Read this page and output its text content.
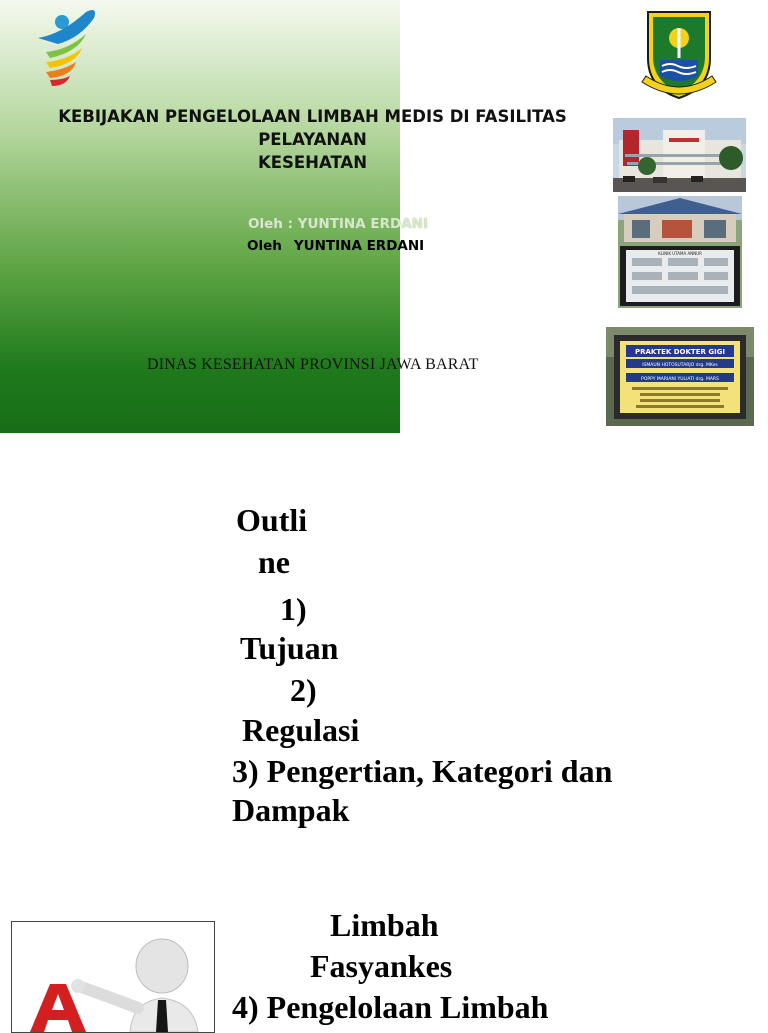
KEBIJAKAN PENGELOLAAN LIMBAH MEDIS DI FASILITAS
PELAYANAN
KESEHATAN
Oleh : YUNTINA ERDANI
Oleh YUNTINA ERDANI
DINAS KESEHATAN PROVINSI JAWA BARAT
KLINIK UTAMA ANNUR
PRAKTEK DOKTER GIGI
ISMAUN HOTOSUTARJO drg. MKes
POPPY MARIANI YULIATI drg. MARS
Outli
ne
1)
Tujuan
2)
Regulasi
3) Pengertian, Kategori dan
Dampak
Limbah
Fasyankes
4) Pengelolaan Limbah
